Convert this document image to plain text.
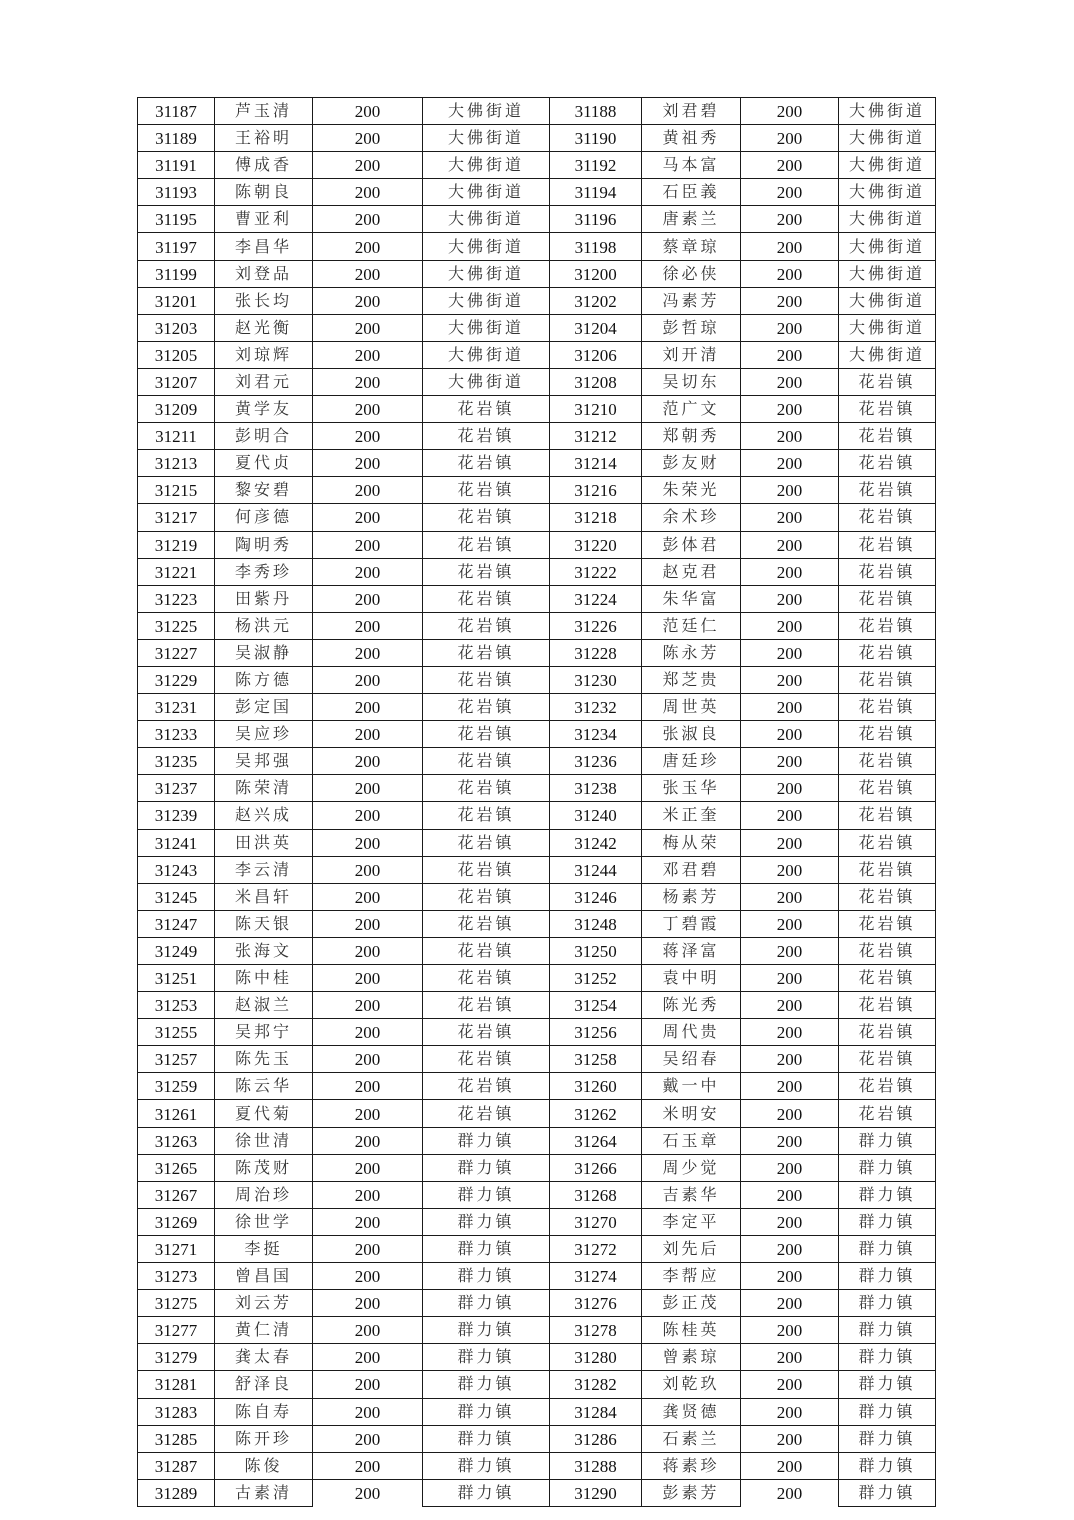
31187	芦玉清	200	大佛街道	31188	刘君碧	200	大佛街道
31189	王裕明	200	大佛街道	31190	黄祖秀	200	大佛街道
31191	傅成香	200	大佛街道	31192	马本富	200	大佛街道
31193	陈朝良	200	大佛街道	31194	石臣義	200	大佛街道
31195	曹亚利	200	大佛街道	31196	唐素兰	200	大佛街道
31197	李昌华	200	大佛街道	31198	蔡章琼	200	大佛街道
31199	刘登品	200	大佛街道	31200	徐必侠	200	大佛街道
31201	张长均	200	大佛街道	31202	冯素芳	200	大佛街道
31203	赵光衡	200	大佛街道	31204	彭哲琼	200	大佛街道
31205	刘琼辉	200	大佛街道	31206	刘开清	200	大佛街道
31207	刘君元	200	大佛街道	31208	吴切东	200	花岩镇
31209	黄学友	200	花岩镇	31210	范广文	200	花岩镇
31211	彭明合	200	花岩镇	31212	郑朝秀	200	花岩镇
31213	夏代贞	200	花岩镇	31214	彭友财	200	花岩镇
31215	黎安碧	200	花岩镇	31216	朱荣光	200	花岩镇
31217	何彦德	200	花岩镇	31218	余术珍	200	花岩镇
31219	陶明秀	200	花岩镇	31220	彭体君	200	花岩镇
31221	李秀珍	200	花岩镇	31222	赵克君	200	花岩镇
31223	田紫丹	200	花岩镇	31224	朱华富	200	花岩镇
31225	杨洪元	200	花岩镇	31226	范廷仁	200	花岩镇
31227	吴淑静	200	花岩镇	31228	陈永芳	200	花岩镇
31229	陈方德	200	花岩镇	31230	郑芝贵	200	花岩镇
31231	彭定国	200	花岩镇	31232	周世英	200	花岩镇
31233	吴应珍	200	花岩镇	31234	张淑良	200	花岩镇
31235	吴邦强	200	花岩镇	31236	唐廷珍	200	花岩镇
31237	陈荣清	200	花岩镇	31238	张玉华	200	花岩镇
31239	赵兴成	200	花岩镇	31240	米正奎	200	花岩镇
31241	田洪英	200	花岩镇	31242	梅从荣	200	花岩镇
31243	李云清	200	花岩镇	31244	邓君碧	200	花岩镇
31245	米昌轩	200	花岩镇	31246	杨素芳	200	花岩镇
31247	陈天银	200	花岩镇	31248	丁碧霞	200	花岩镇
31249	张海文	200	花岩镇	31250	蒋泽富	200	花岩镇
31251	陈中桂	200	花岩镇	31252	袁中明	200	花岩镇
31253	赵淑兰	200	花岩镇	31254	陈光秀	200	花岩镇
31255	吴邦宁	200	花岩镇	31256	周代贵	200	花岩镇
31257	陈先玉	200	花岩镇	31258	吴绍春	200	花岩镇
31259	陈云华	200	花岩镇	31260	戴一中	200	花岩镇
31261	夏代菊	200	花岩镇	31262	米明安	200	花岩镇
31263	徐世清	200	群力镇	31264	石玉章	200	群力镇
31265	陈茂财	200	群力镇	31266	周少觉	200	群力镇
31267	周治珍	200	群力镇	31268	吉素华	200	群力镇
31269	徐世学	200	群力镇	31270	李定平	200	群力镇
31271	李挺	200	群力镇	31272	刘先后	200	群力镇
31273	曾昌国	200	群力镇	31274	李帮应	200	群力镇
31275	刘云芳	200	群力镇	31276	彭正茂	200	群力镇
31277	黄仁清	200	群力镇	31278	陈桂英	200	群力镇
31279	龚太春	200	群力镇	31280	曾素琼	200	群力镇
31281	舒泽良	200	群力镇	31282	刘乾玖	200	群力镇
31283	陈自寿	200	群力镇	31284	龚贤德	200	群力镇
31285	陈开珍	200	群力镇	31286	石素兰	200	群力镇
31287	陈俊	200	群力镇	31288	蒋素珍	200	群力镇
31289	古素清	200	群力镇	31290	彭素芳	200	群力镇
